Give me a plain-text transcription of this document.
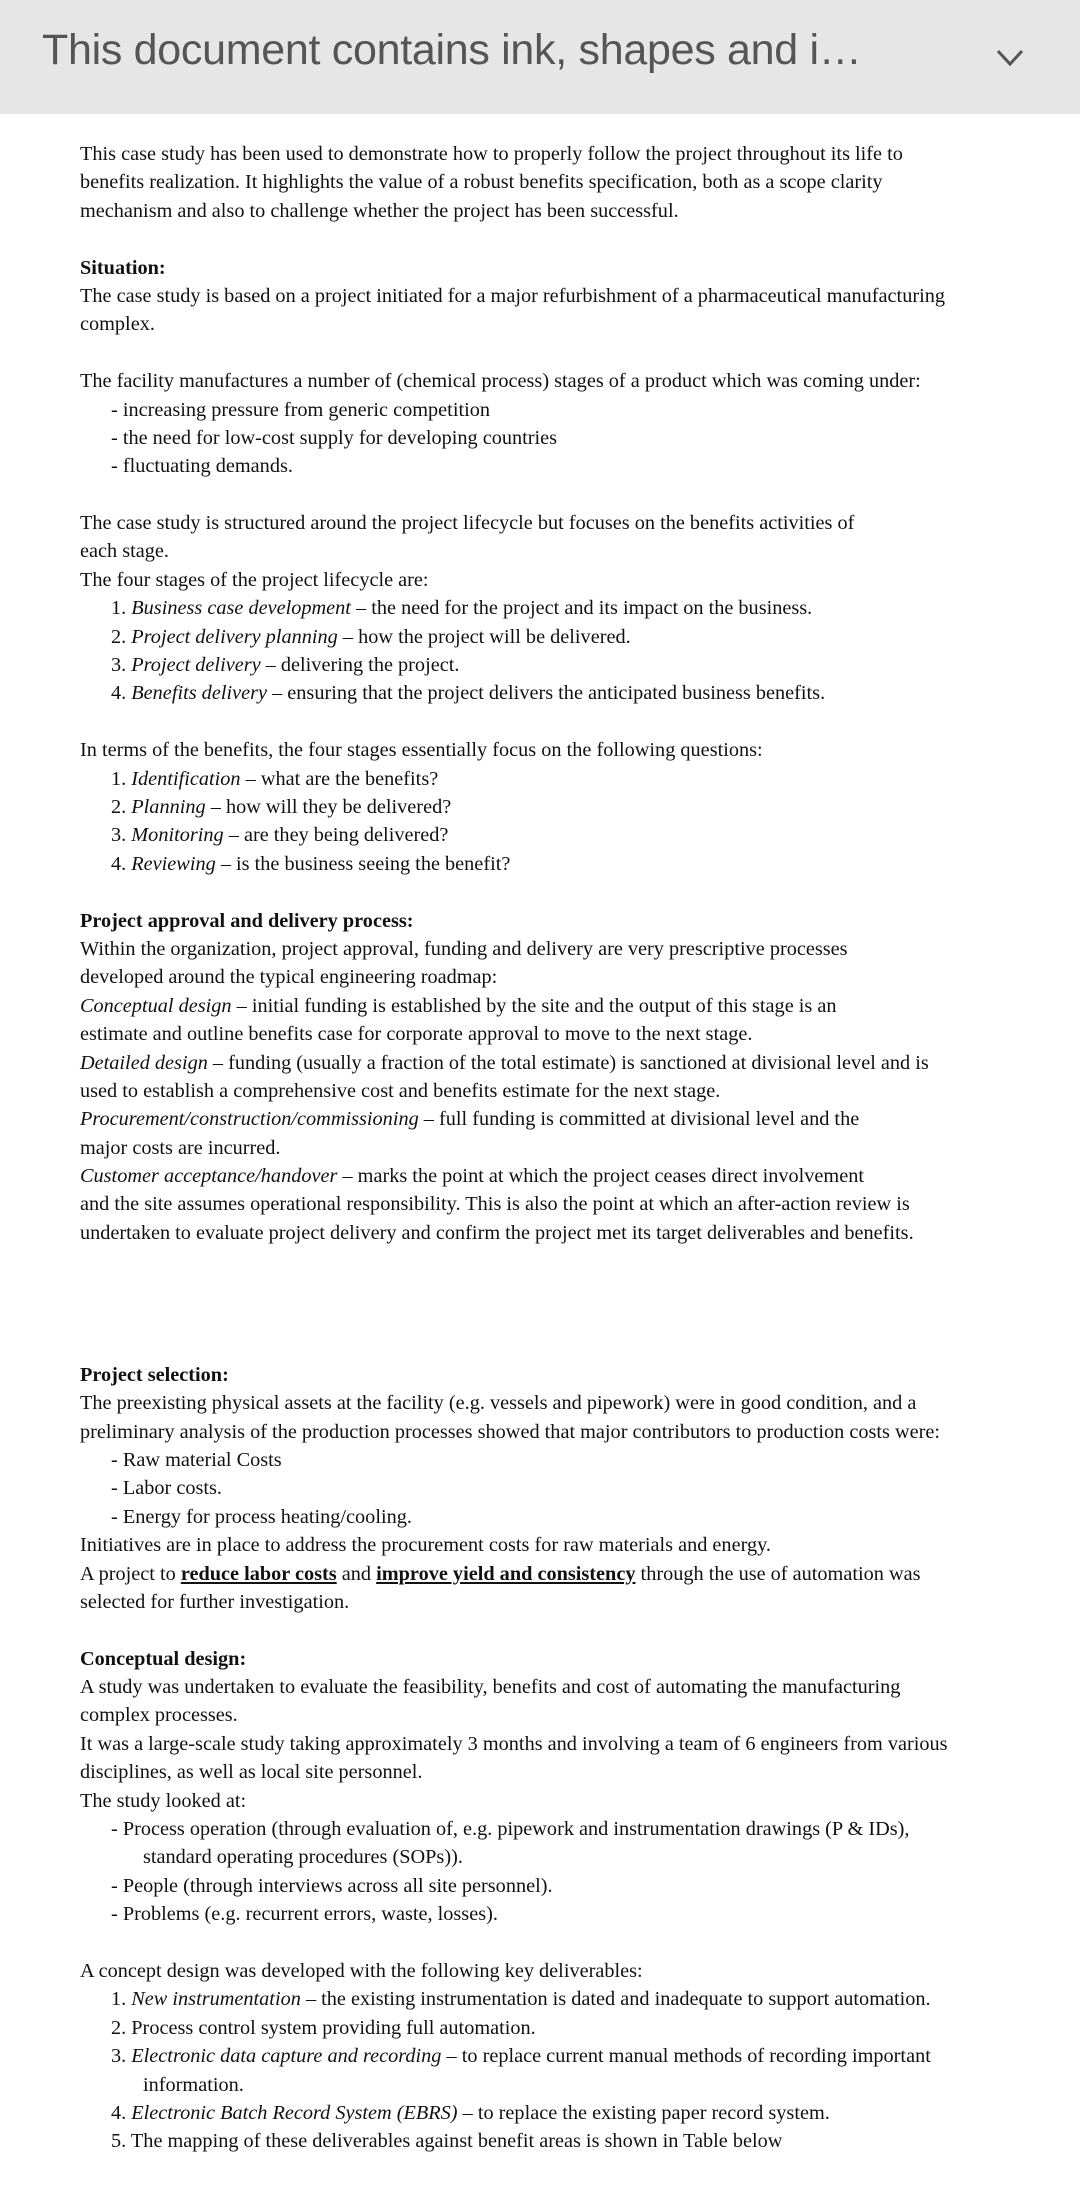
This document contains ink, shapes and i…
This case study has been used to demonstrate how to properly follow the project throughout its life to
benefits realization. It highlights the value of a robust benefits specification, both as a scope clarity
mechanism and also to challenge whether the project has been successful.
Situation:
The case study is based on a project initiated for a major refurbishment of a pharmaceutical manufacturing
complex.
The facility manufactures a number of (chemical process) stages of a product which was coming under:
- increasing pressure from generic competition
- the need for low-cost supply for developing countries
- fluctuating demands.
The case study is structured around the project lifecycle but focuses on the benefits activities of
each stage.
The four stages of the project lifecycle are:
1. Business case development – the need for the project and its impact on the business.
2. Project delivery planning – how the project will be delivered.
3. Project delivery – delivering the project.
4. Benefits delivery – ensuring that the project delivers the anticipated business benefits.
In terms of the benefits, the four stages essentially focus on the following questions:
1. Identification – what are the benefits?
2. Planning – how will they be delivered?
3. Monitoring – are they being delivered?
4. Reviewing – is the business seeing the benefit?
Project approval and delivery process:
Within the organization, project approval, funding and delivery are very prescriptive processes
developed around the typical engineering roadmap:
Conceptual design – initial funding is established by the site and the output of this stage is an
estimate and outline benefits case for corporate approval to move to the next stage.
Detailed design – funding (usually a fraction of the total estimate) is sanctioned at divisional level and is
used to establish a comprehensive cost and benefits estimate for the next stage.
Procurement/construction/commissioning – full funding is committed at divisional level and the
major costs are incurred.
Customer acceptance/handover – marks the point at which the project ceases direct involvement
and the site assumes operational responsibility. This is also the point at which an after-action review is
undertaken to evaluate project delivery and confirm the project met its target deliverables and benefits.
Project selection:
The preexisting physical assets at the facility (e.g. vessels and pipework) were in good condition, and a
preliminary analysis of the production processes showed that major contributors to production costs were:
- Raw material Costs
- Labor costs.
- Energy for process heating/cooling.
Initiatives are in place to address the procurement costs for raw materials and energy.
A project to reduce labor costs and improve yield and consistency through the use of automation was
selected for further investigation.
Conceptual design:
A study was undertaken to evaluate the feasibility, benefits and cost of automating the manufacturing
complex processes.
It was a large-scale study taking approximately 3 months and involving a team of 6 engineers from various
disciplines, as well as local site personnel.
The study looked at:
- Process operation (through evaluation of, e.g. pipework and instrumentation drawings (P & IDs),
standard operating procedures (SOPs)).
- People (through interviews across all site personnel).
- Problems (e.g. recurrent errors, waste, losses).
A concept design was developed with the following key deliverables:
1. New instrumentation – the existing instrumentation is dated and inadequate to support automation.
2. Process control system providing full automation.
3. Electronic data capture and recording – to replace current manual methods of recording important
information.
4. Electronic Batch Record System (EBRS) – to replace the existing paper record system.
5. The mapping of these deliverables against benefit areas is shown in Table below
